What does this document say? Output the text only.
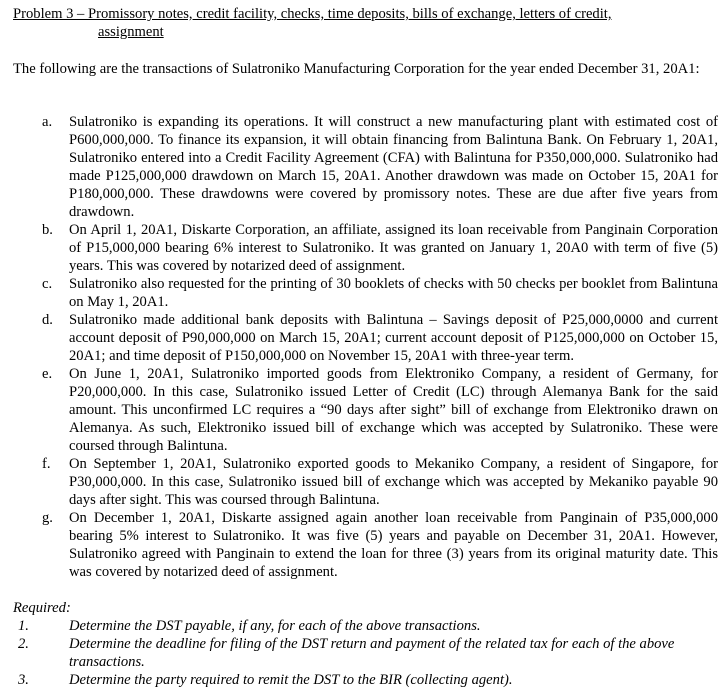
Problem 3 – Promissory notes, credit facility, checks, time deposits, bills of exchange, letters of credit,
assignment
The following are the transactions of Sulatroniko Manufacturing Corporation for the year ended December 31, 20A1:
a. Sulatroniko is expanding its operations. It will construct a new manufacturing plant with estimated cost of P600,000,000. To finance its expansion, it will obtain financing from Balintuna Bank. On February 1, 20A1, Sulatroniko entered into a Credit Facility Agreement (CFA) with Balintuna for P350,000,000. Sulatroniko had made P125,000,000 drawdown on March 15, 20A1. Another drawdown was made on October 15, 20A1 for P180,000,000. These drawdowns were covered by promissory notes. These are due after five years from drawdown.
b. On April 1, 20A1, Diskarte Corporation, an affiliate, assigned its loan receivable from Panginain Corporation of P15,000,000 bearing 6% interest to Sulatroniko. It was granted on January 1, 20A0 with term of five (5) years. This was covered by notarized deed of assignment.
c. Sulatroniko also requested for the printing of 30 booklets of checks with 50 checks per booklet from Balintuna on May 1, 20A1.
d. Sulatroniko made additional bank deposits with Balintuna – Savings deposit of P25,000,0000 and current account deposit of P90,000,000 on March 15, 20A1; current account deposit of P125,000,000 on October 15, 20A1; and time deposit of P150,000,000 on November 15, 20A1 with three-year term.
e. On June 1, 20A1, Sulatroniko imported goods from Elektroniko Company, a resident of Germany, for P20,000,000. In this case, Sulatroniko issued Letter of Credit (LC) through Alemanya Bank for the said amount. This unconfirmed LC requires a “90 days after sight” bill of exchange from Elektroniko drawn on Alemanya. As such, Elektroniko issued bill of exchange which was accepted by Sulatroniko. These were coursed through Balintuna.
f. On September 1, 20A1, Sulatroniko exported goods to Mekaniko Company, a resident of Singapore, for P30,000,000. In this case, Sulatroniko issued bill of exchange which was accepted by Mekaniko payable 90 days after sight. This was coursed through Balintuna.
g. On December 1, 20A1, Diskarte assigned again another loan receivable from Panginain of P35,000,000 bearing 5% interest to Sulatroniko. It was five (5) years and payable on December 31, 20A1. However, Sulatroniko agreed with Panginain to extend the loan for three (3) years from its original maturity date. This was covered by notarized deed of assignment.
Required:
1.	Determine the DST payable, if any, for each of the above transactions.
2.	Determine the deadline for filing of the DST return and payment of the related tax for each of the above transactions.
3.	Determine the party required to remit the DST to the BIR (collecting agent).
